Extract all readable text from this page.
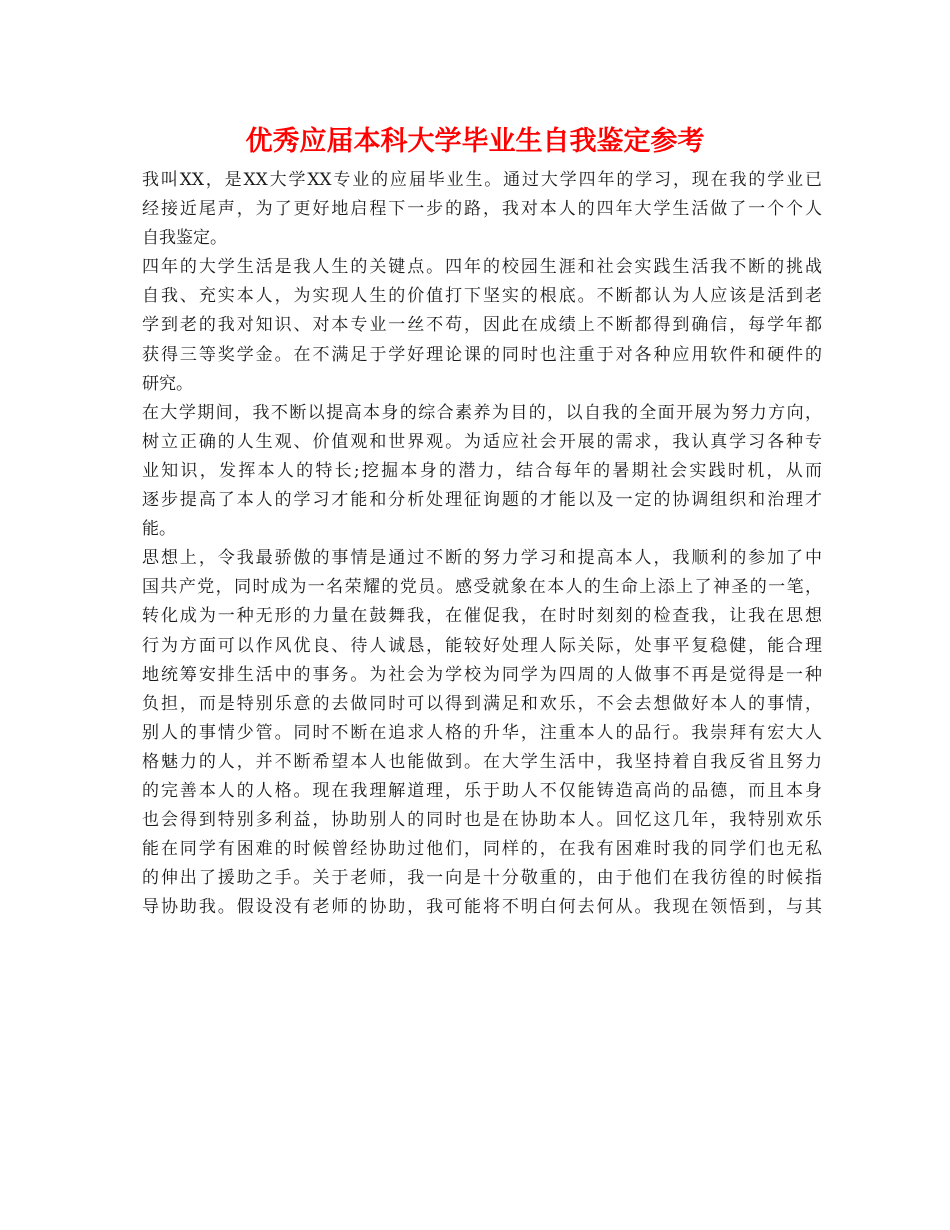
优秀应届本科大学毕业生自我鉴定参考
我叫XX，是XX大学XX专业的应届毕业生。通过大学四年的学习，现在我的学业已
经接近尾声，为了更好地启程下一步的路，我对本人的四年大学生活做了一个个人
自我鉴定。
四年的大学生活是我人生的关键点。四年的校园生涯和社会实践生活我不断的挑战
自我、充实本人，为实现人生的价值打下坚实的根底。不断都认为人应该是活到老
学到老的我对知识、对本专业一丝不苟，因此在成绩上不断都得到确信，每学年都
获得三等奖学金。在不满足于学好理论课的同时也注重于对各种应用软件和硬件的
研究。
在大学期间，我不断以提高本身的综合素养为目的，以自我的全面开展为努力方向，
树立正确的人生观、价值观和世界观。为适应社会开展的需求，我认真学习各种专
业知识，发挥本人的特长;挖掘本身的潜力，结合每年的暑期社会实践时机，从而
逐步提高了本人的学习才能和分析处理征询题的才能以及一定的协调组织和治理才
能。
思想上，令我最骄傲的事情是通过不断的努力学习和提高本人，我顺利的参加了中
国共产党，同时成为一名荣耀的党员。感受就象在本人的生命上添上了神圣的一笔，
转化成为一种无形的力量在鼓舞我，在催促我，在时时刻刻的检查我，让我在思想
行为方面可以作风优良、待人诚恳，能较好处理人际关际，处事平复稳健，能合理
地统筹安排生活中的事务。为社会为学校为同学为四周的人做事不再是觉得是一种
负担，而是特别乐意的去做同时可以得到满足和欢乐，不会去想做好本人的事情，
别人的事情少管。同时不断在追求人格的升华，注重本人的品行。我崇拜有宏大人
格魅力的人，并不断希望本人也能做到。在大学生活中，我坚持着自我反省且努力
的完善本人的人格。现在我理解道理，乐于助人不仅能铸造高尚的品德，而且本身
也会得到特别多利益，协助别人的同时也是在协助本人。回忆这几年，我特别欢乐
能在同学有困难的时候曾经协助过他们，同样的，在我有困难时我的同学们也无私
的伸出了援助之手。关于老师，我一向是十分敬重的，由于他们在我彷徨的时候指
导协助我。假设没有老师的协助，我可能将不明白何去何从。我现在领悟到，与其
